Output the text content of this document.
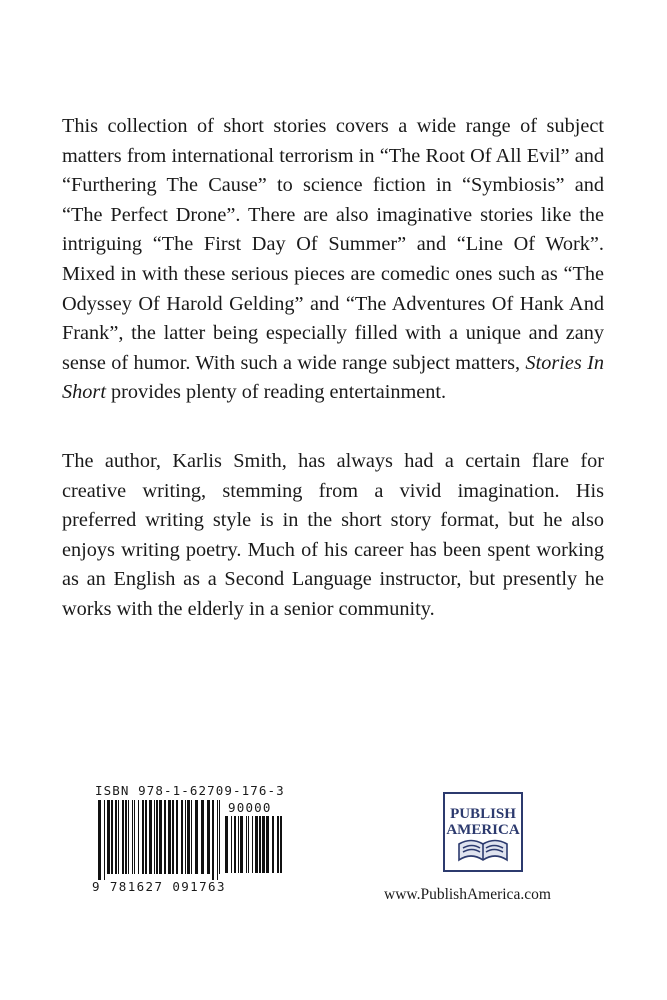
This collection of short stories covers a wide range of subject matters from international terrorism in “The Root Of All Evil” and “Furthering The Cause” to science fiction in “Symbiosis” and “The Perfect Drone”. There are also imaginative stories like the intriguing “The First Day Of Summer” and “Line Of Work”. Mixed in with these serious pieces are comedic ones such as “The Odyssey Of Harold Gelding” and “The Adventures Of Hank And Frank”, the latter being especially filled with a unique and zany sense of humor. With such a wide range subject matters, Stories In Short provides plenty of reading entertainment.

The author, Karlis Smith, has always had a certain flare for creative writing, stemming from a vivid imagination. His preferred writing style is in the short story format, but he also enjoys writing poetry. Much of his career has been spent working as an English as a Second Language instructor, but presently he works with the elderly in a senior community.

ISBN 978-1-62709-176-3
90000
9 781627 091763
PUBLISH
AMERICA
www.PublishAmerica.com
